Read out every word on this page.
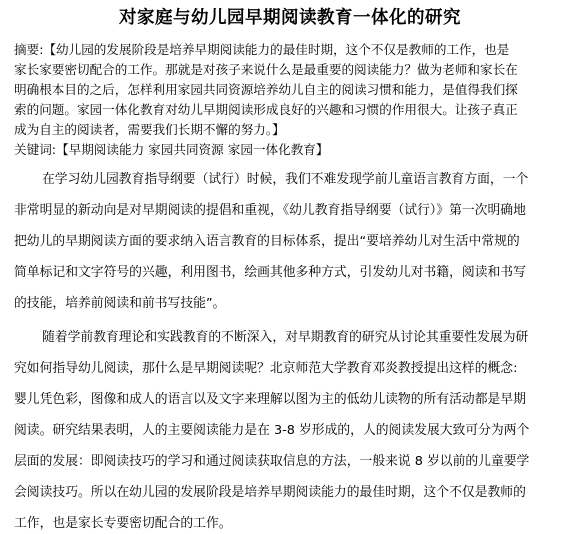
对家庭与幼儿园早期阅读教育一体化的研究
摘要:【幼儿园的发展阶段是培养早期阅读能力的最佳时期，这个不仅是教师的工作，也是
家长家要密切配合的工作。那就是对孩子来说什么是最重要的阅读能力？做为老师和家长在
明确根本目的之后，怎样利用家园共同资源培养幼儿自主的阅读习惯和能力，是值得我们探
索的问题。家园一体化教育对幼儿早期阅读形成良好的兴趣和习惯的作用很大。让孩子真正
成为自主的阅读者，需要我们长期不懈的努力。】
关键词:【早期阅读能力 家园共同资源 家园一体化教育】
在学习幼儿园教育指导纲要（试行）时候，我们不难发现学前儿童语言教育方面，一个
非常明显的新动向是对早期阅读的提倡和重视，《幼儿教育指导纲要（试行）》第一次明确地
把幼儿的早期阅读方面的要求纳入语言教育的目标体系，提出“要培养幼儿对生活中常规的
简单标记和文字符号的兴趣，利用图书，绘画其他多种方式，引发幼儿对书籍，阅读和书写
的技能，培养前阅读和前书写技能”。
随着学前教育理论和实践教育的不断深入，对早期教育的研究从讨论其重要性发展为研
究如何指导幼儿阅读，那什么是早期阅读呢？北京师范大学教育邓炎教授提出这样的概念:
婴儿凭色彩，图像和成人的语言以及文字来理解以图为主的低幼儿读物的所有活动都是早期
阅读。研究结果表明，人的主要阅读能力是在 3-8 岁形成的，人的阅读发展大致可分为两个
层面的发展：即阅读技巧的学习和通过阅读获取信息的方法，一般来说 8 岁以前的儿童要学
会阅读技巧。所以在幼儿园的发展阶段是培养早期阅读能力的最佳时期，这个不仅是教师的
工作，也是家长专要密切配合的工作。
